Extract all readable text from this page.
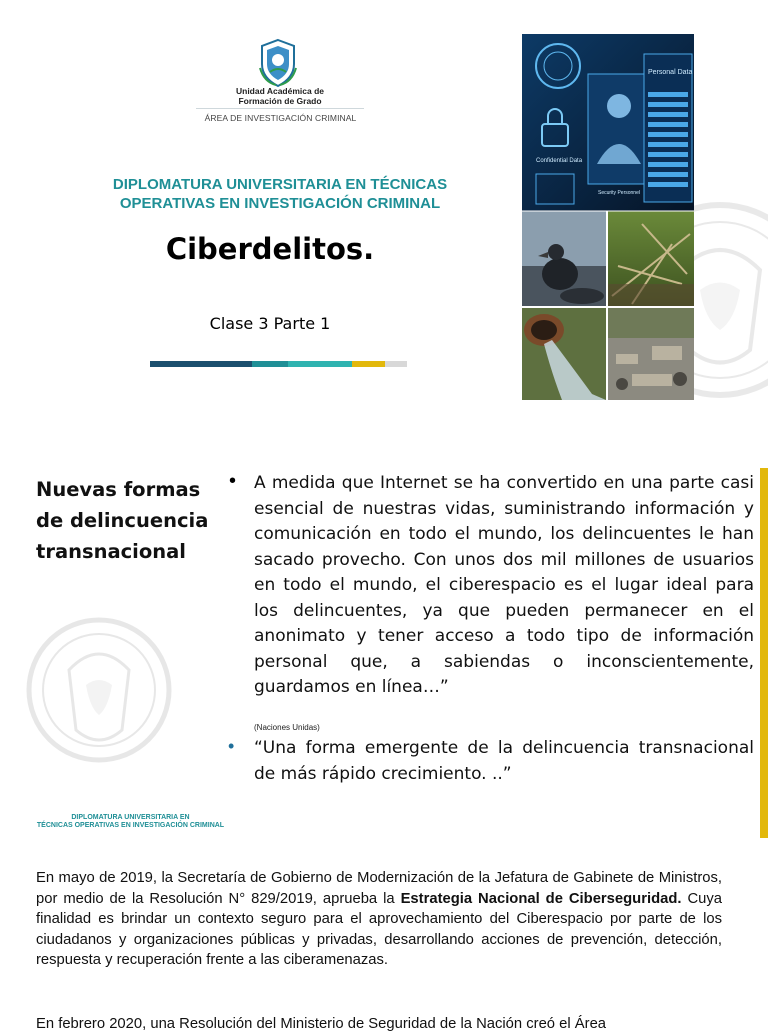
Unidad Académica de
Formación de Grado
ÁREA DE INVESTIGACIÓN CRIMINAL
DIPLOMATURA UNIVERSITARIA EN TÉCNICAS
OPERATIVAS EN INVESTIGACIÓN CRIMINAL
Ciberdelitos.
Clase 3 Parte 1
Personal Data
Confidential Data
Security Personnel
Nuevas formas
de delincuencia
transnacional
DIPLOMATURA UNIVERSITARIA EN
TÉCNICAS OPERATIVAS EN INVESTIGACIÓN CRIMINAL
• A medida que Internet se ha convertido en una parte casi esencial de nuestras vidas, suministrando información y comunicación en todo el mundo, los delincuentes le han sacado provecho. Con unos dos mil millones de usuarios en todo el mundo, el ciberespacio es el lugar ideal para los delincuentes, ya que pueden permanecer en el anonimato y tener acceso a todo tipo de información personal que, a sabiendas o inconscientemente, guardamos en línea…”
(Naciones Unidas)
• “Una forma emergente de la delincuencia transnacional de más rápido crecimiento. ..”
En mayo de 2019, la Secretaría de Gobierno de Modernización de la Jefatura de Gabinete de Ministros, por medio de la Resolución N° 829/2019, aprueba la Estrategia Nacional de Ciberseguridad. Cuya finalidad es brindar un contexto seguro para el aprovechamiento del Ciberespacio por parte de los ciudadanos y organizaciones públicas y privadas, desarrollando acciones de prevención, detección, respuesta y recuperación frente a las ciberamenazas.
En febrero 2020, una Resolución del Ministerio de Seguridad de la Nación creó el Área
